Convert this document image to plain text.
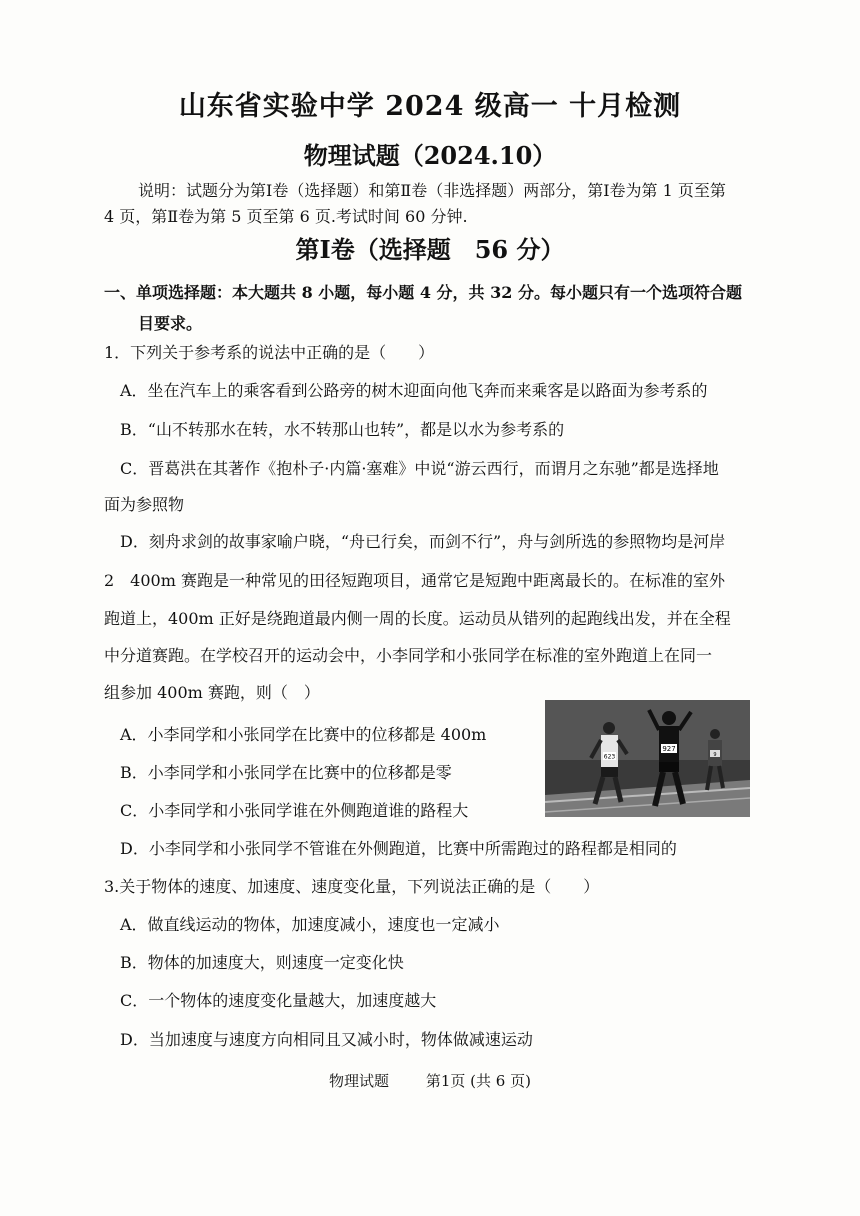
山东省实验中学 2024 级高一 十月检测
物理试题（2024.10）
说明：试题分为第Ⅰ卷（选择题）和第Ⅱ卷（非选择题）两部分，第Ⅰ卷为第 1 页至第
4 页，第Ⅱ卷为第 5 页至第 6 页.考试时间 60 分钟.
第Ⅰ卷（选择题　56 分）
一、单项选择题：本大题共 8 小题，每小题 4 分，共 32 分。每小题只有一个选项符合题
目要求。
1．下列关于参考系的说法中正确的是（　　）
A．坐在汽车上的乘客看到公路旁的树木迎面向他飞奔而来乘客是以路面为参考系的
B．“山不转那水在转，水不转那山也转”，都是以水为参考系的
C．晋葛洪在其著作《抱朴子·内篇·塞难》中说“游云西行，而谓月之东驰”都是选择地
面为参照物
D．刻舟求剑的故事家喻户晓，“舟已行矣，而剑不行”，舟与剑所选的参照物均是河岸
2　400m 赛跑是一种常见的田径短跑项目，通常它是短跑中距离最长的。在标准的室外
跑道上，400m 正好是绕跑道最内侧一周的长度。运动员从错列的起跑线出发，并在全程
中分道赛跑。在学校召开的运动会中，小李同学和小张同学在标准的室外跑道上在同一
组参加 400m 赛跑，则（　）
A．小李同学和小张同学在比赛中的位移都是 400m
B．小李同学和小张同学在比赛中的位移都是零
C．小李同学和小张同学谁在外侧跑道谁的路程大
D．小李同学和小张同学不管谁在外侧跑道，比赛中所需跑过的路程都是相同的
623
927
9
3.关于物体的速度、加速度、速度变化量，下列说法正确的是（　　）
A．做直线运动的物体，加速度减小，速度也一定减小
B．物体的加速度大，则速度一定变化快
C．一个物体的速度变化量越大，加速度越大
D．当加速度与速度方向相同且又减小时，物体做减速运动
物理试题 第1页 (共 6 页)
